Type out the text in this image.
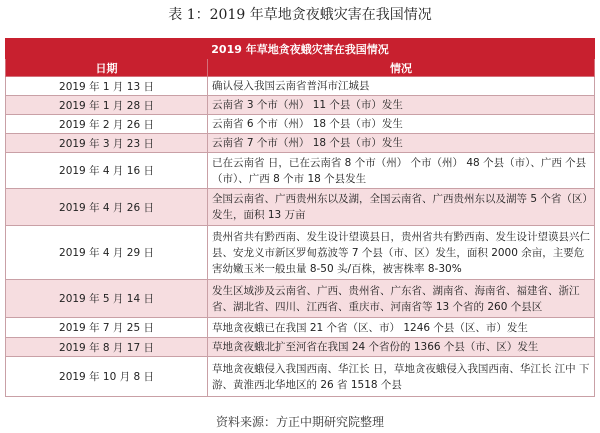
表 1：2019 年草地贪夜蛾灾害在我国情况
2019 年草地贪夜蛾灾害在我国情况	
日期	情况
2019 年 1 月 13 日	确认侵入我国云南省普洱市江城县
2019 年 1 月 28 日	云南省 3 个市（州） 11 个县（市）发生
2019 年 2 月 26 日	云南省 6 个市（州） 18 个县（市）发生
2019 年 3 月 23 日	云南省 7 个市（州） 18 个县（市）发生
2019 年 4 月 16 日	已在云南省 日，已在云南省 8 个市（州） 个市（州） 48 个县（市）、广西 个县（市）、广西 8 个市 18 个县发生
2019 年 4 月 26 日	全国云南省、广西贵州东以及湖，全国云南省、广西贵州东以及湖等 5 个省（区）发生，面积 13 万亩
2019 年 4 月 29 日	贵州省共有黔西南、发生设计望谟县日，贵州省共有黔西南、发生设计望谟县兴仁县、安龙义市新区罗甸荔波等 7 个县（市、区）发生，面积 2000 余亩，主要危害幼嫩玉米一般虫量 8-50 头/百株，被害株率 8-30%
2019 年 5 月 14 日	发生区域涉及云南省、广西、贵州省、广东省、湖南省、海南省、福建省、浙江省、湖北省、四川、江西省、重庆市、河南省等 13 个省的 260 个县区
2019 年 7 月 25 日	草地贪夜蛾已在我国 21 个省（区、市） 1246 个县（区、市）发生
2019 年 8 月 17 日	草地贪夜蛾北扩至河省在我国 24 个省份的 1366 个县（市、区）发生
2019 年 10 月 8 日	草地贪夜蛾侵入我国西南、华江长 日，草地贪夜蛾侵入我国西南、华江长 江中 下游、黄淮西北华地区的 26 省 1518 个县
资料来源：方正中期研究院整理
